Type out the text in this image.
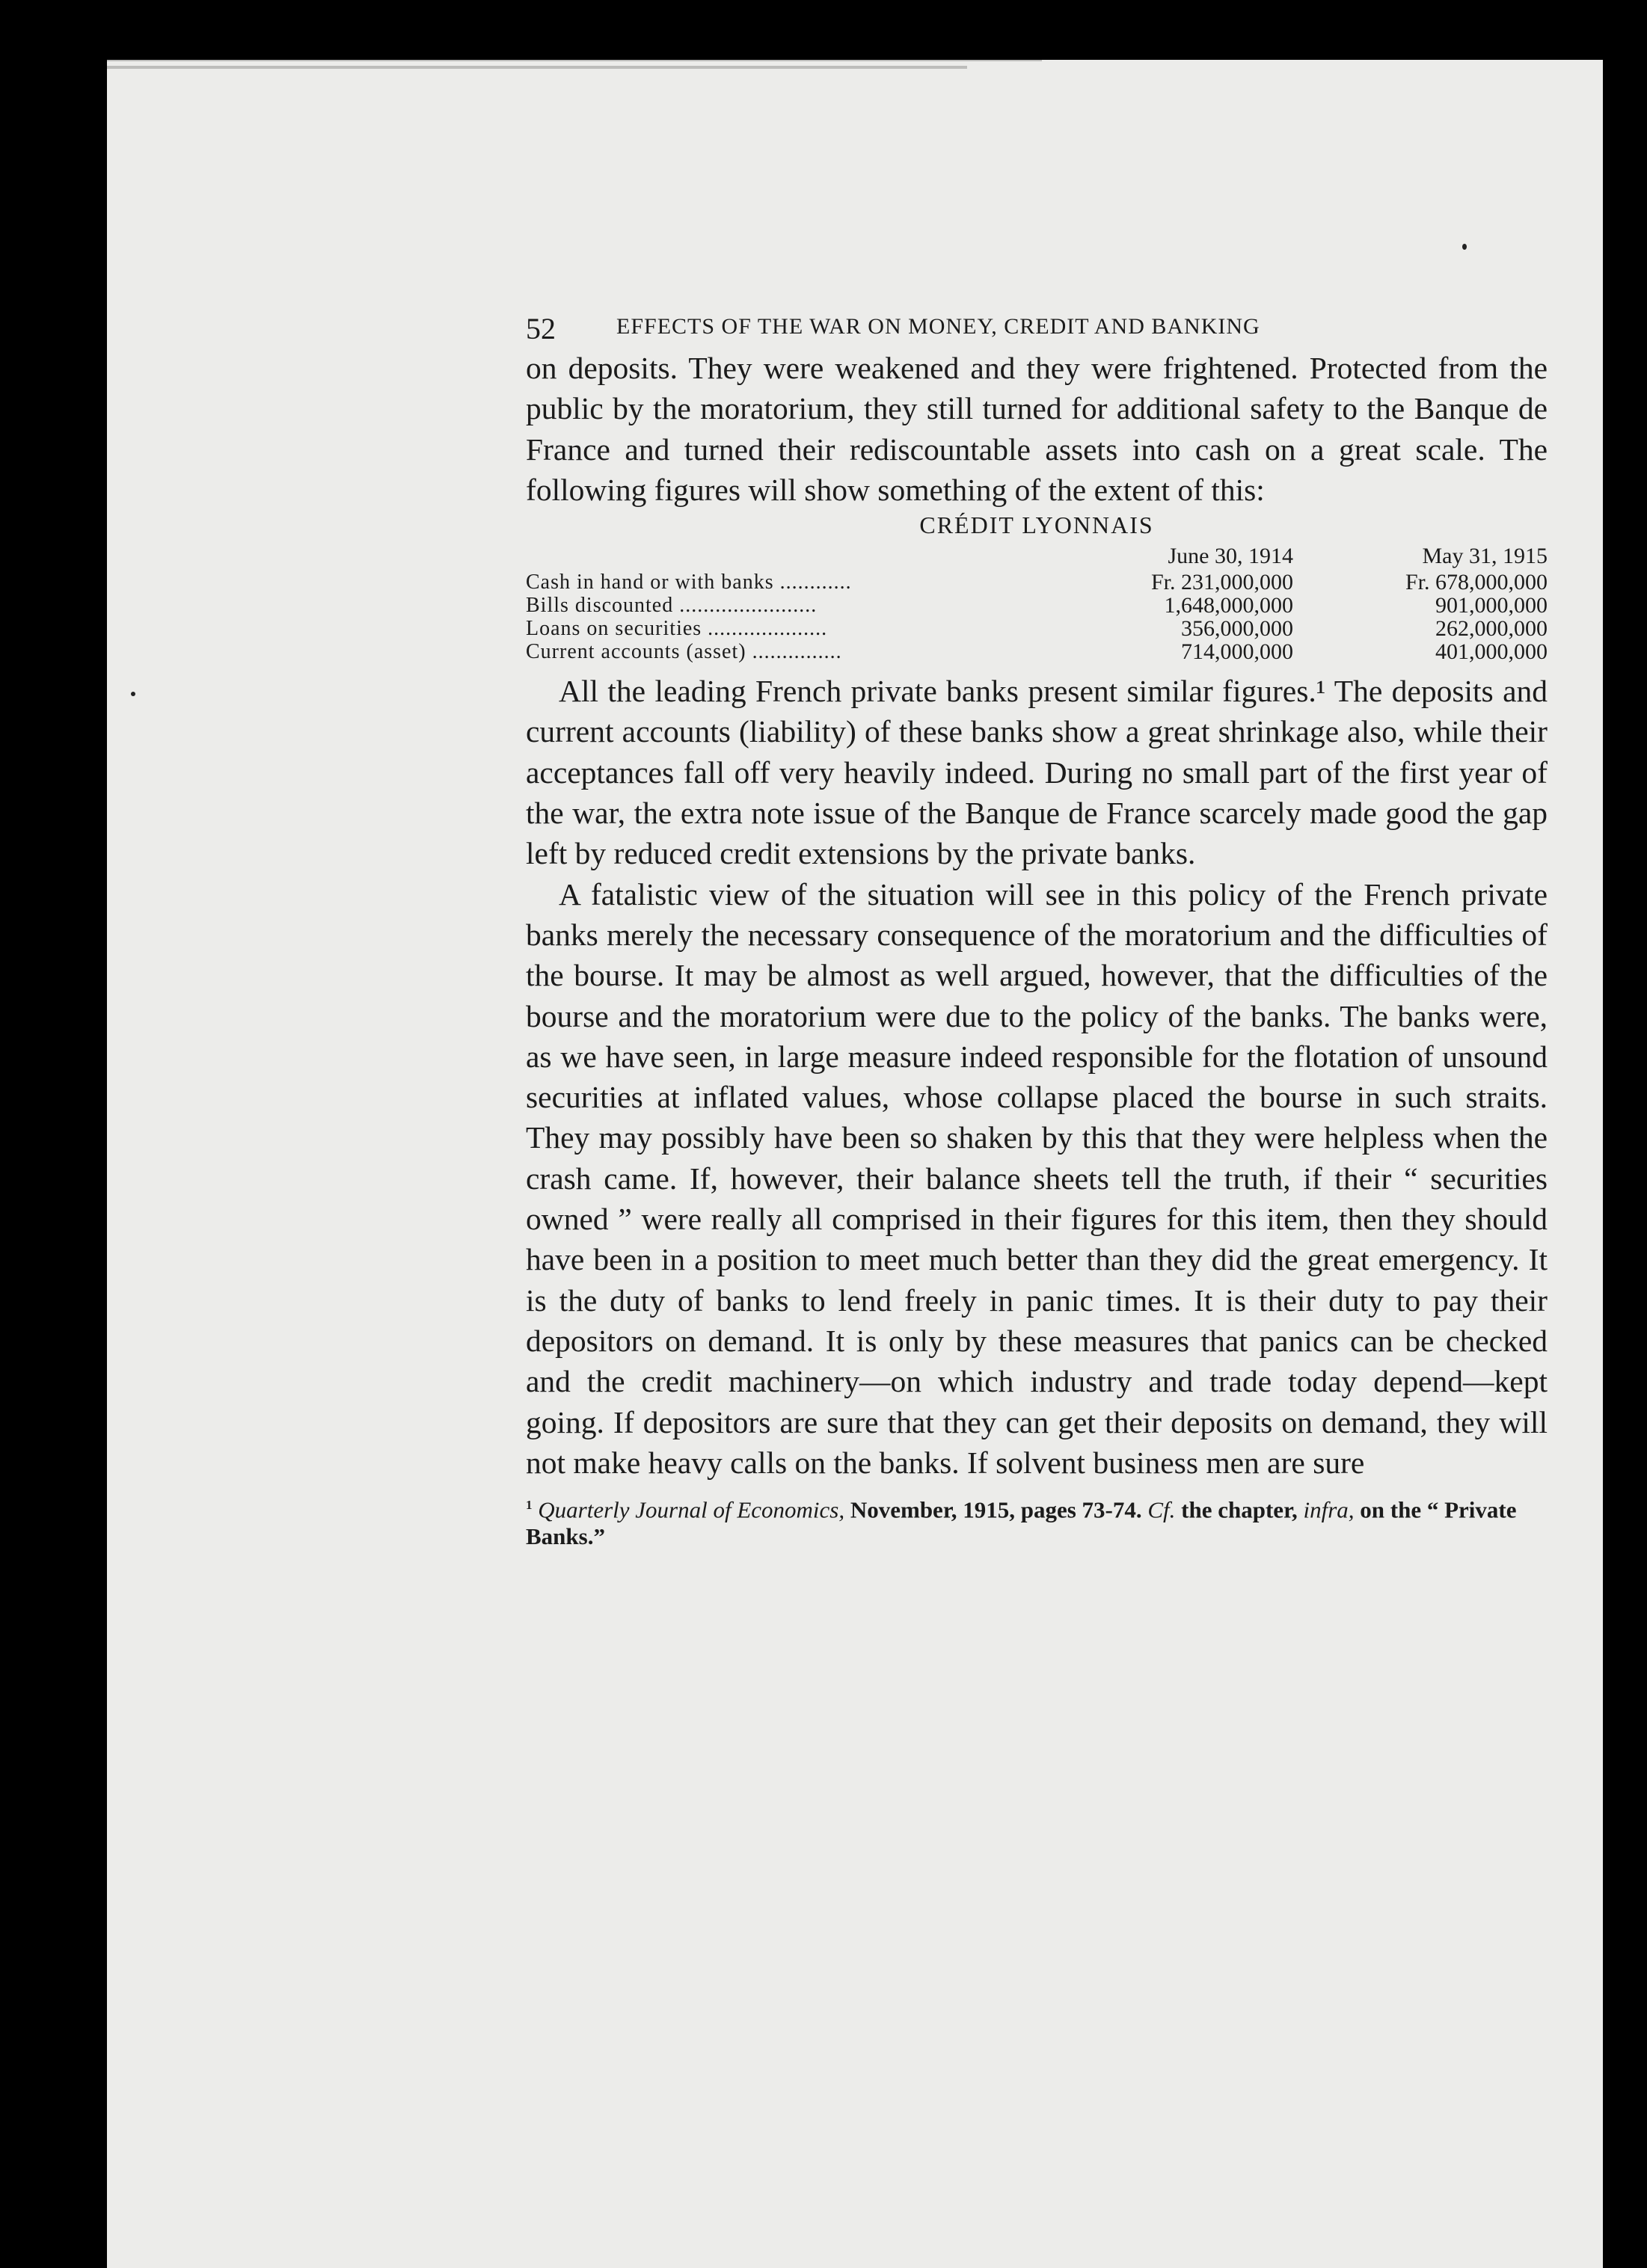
52	EFFECTS OF THE WAR ON MONEY, CREDIT AND BANKING

on deposits. They were weakened and they were frightened. Protected from the public by the moratorium, they still turned for additional safety to the Banque de France and turned their rediscountable assets into cash on a great scale. The following figures will show something of the extent of this:

CRÉDIT LYONNAIS
	June 30, 1914	May 31, 1915
Cash in hand or with banks ............	Fr. 231,000,000	Fr. 678,000,000
Bills discounted .......................	1,648,000,000	901,000,000
Loans on securities ....................	356,000,000	262,000,000
Current accounts (asset) ...............	714,000,000	401,000,000

All the leading French private banks present similar figures.¹ The deposits and current accounts (liability) of these banks show a great shrinkage also, while their acceptances fall off very heavily indeed. During no small part of the first year of the war, the extra note issue of the Banque de France scarcely made good the gap left by reduced credit extensions by the private banks.

A fatalistic view of the situation will see in this policy of the French private banks merely the necessary consequence of the moratorium and the difficulties of the bourse. It may be almost as well argued, however, that the difficulties of the bourse and the moratorium were due to the policy of the banks. The banks were, as we have seen, in large measure indeed responsible for the flotation of unsound securities at inflated values, whose collapse placed the bourse in such straits. They may possibly have been so shaken by this that they were helpless when the crash came. If, however, their balance sheets tell the truth, if their “ securities owned ” were really all comprised in their figures for this item, then they should have been in a position to meet much better than they did the great emergency. It is the duty of banks to lend freely in panic times. It is their duty to pay their depositors on demand. It is only by these measures that panics can be checked and the credit machinery—on which industry and trade today depend—kept going. If depositors are sure that they can get their deposits on demand, they will not make heavy calls on the banks. If solvent business men are sure

$^1$ Quarterly Journal of Economics, November, 1915, pages 73-74. Cf. the chapter, infra, on the “ Private Banks.”
